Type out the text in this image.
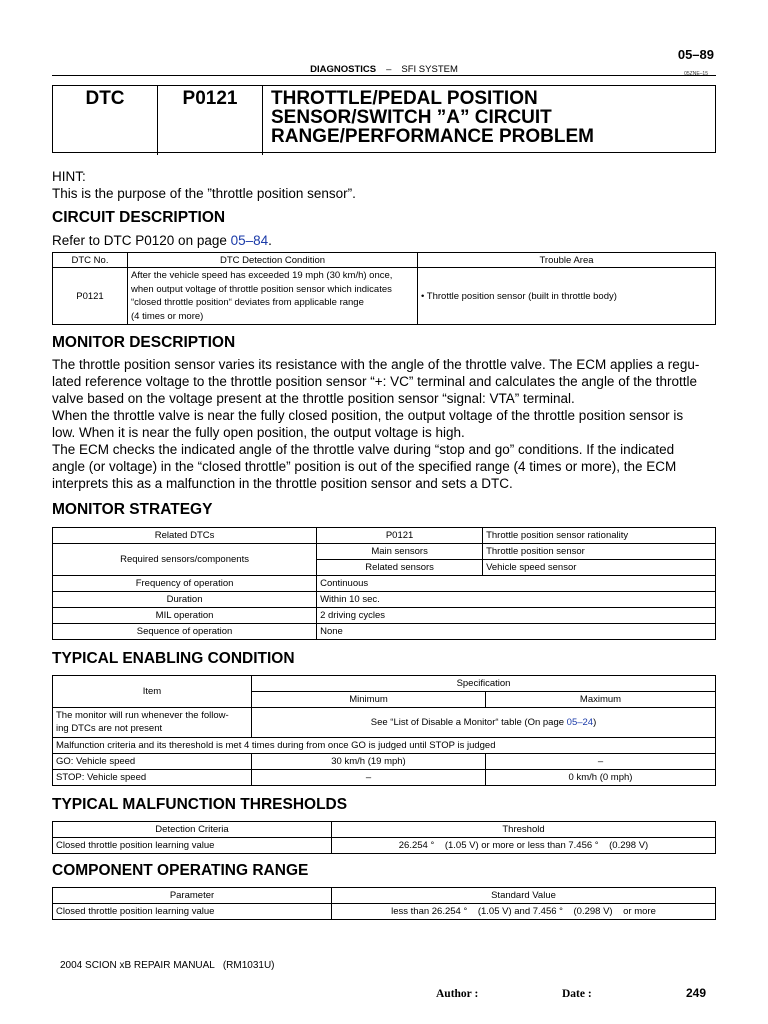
05–89
DIAGNOSTICS – SFI SYSTEM	05ZNE–15
DTC	P0121	THROTTLE/PEDAL POSITION
SENSOR/SWITCH ”A” CIRCUIT
RANGE/PERFORMANCE PROBLEM
HINT:
This is the purpose of the ”throttle position sensor”.
CIRCUIT DESCRIPTION
Refer to DTC P0120 on page 05–84.
DTC No.	DTC Detection Condition	Trouble Area
P0121	After the vehicle speed has exceeded 19 mph (30 km/h) once,
when output voltage of throttle position sensor which indicates
“closed throttle position“ deviates from applicable range
(4 times or more)	• Throttle position sensor (built in throttle body)
MONITOR DESCRIPTION
The throttle position sensor varies its resistance with the angle of the throttle valve. The ECM applies a regu-
lated reference voltage to the throttle position sensor “+: VC” terminal and calculates the angle of the throttle
valve based on the voltage present at the throttle position sensor “signal: VTA” terminal.
When the throttle valve is near the fully closed position, the output voltage of the throttle position sensor is
low. When it is near the fully open position, the output voltage is high.
The ECM checks the indicated angle of the throttle valve during “stop and go” conditions. If the indicated
angle (or voltage) in the “closed throttle” position is out of the specified range (4 times or more), the ECM
interprets this as a malfunction in the throttle position sensor and sets a DTC.
MONITOR STRATEGY
Related DTCs	P0121	Throttle position sensor rationality
Required sensors/components	Main sensors	Throttle position sensor
	Related sensors	Vehicle speed sensor
Frequency of operation	Continuous	
Duration	Within 10 sec.	
MIL operation	2 driving cycles	
Sequence of operation	None	
TYPICAL ENABLING CONDITION
Item	Specification	
	Minimum	Maximum

The monitor will run whenever the follow-
ing DTCs are not present	See “List of Disable a Monitor“ table (On page 05–24)	
Malfunction criteria and its thereshold is met 4 times during from once GO is judged until STOP is judged		
GO: Vehicle speed	30 km/h (19 mph)	–
STOP: Vehicle speed	–	0 km/h (0 mph)
TYPICAL MALFUNCTION THRESHOLDS
Detection Criteria	Threshold
Closed throttle position learning value	26.254 °    (1.05 V) or more or less than 7.456 °    (0.298 V)
COMPONENT OPERATING RANGE
Parameter	Standard Value
Closed throttle position learning value	less than 26.254 °    (1.05 V) and 7.456 °    (0.298 V)    or more
2004 SCION xB REPAIR MANUAL   (RM1031U)
Author :	Date :	249
